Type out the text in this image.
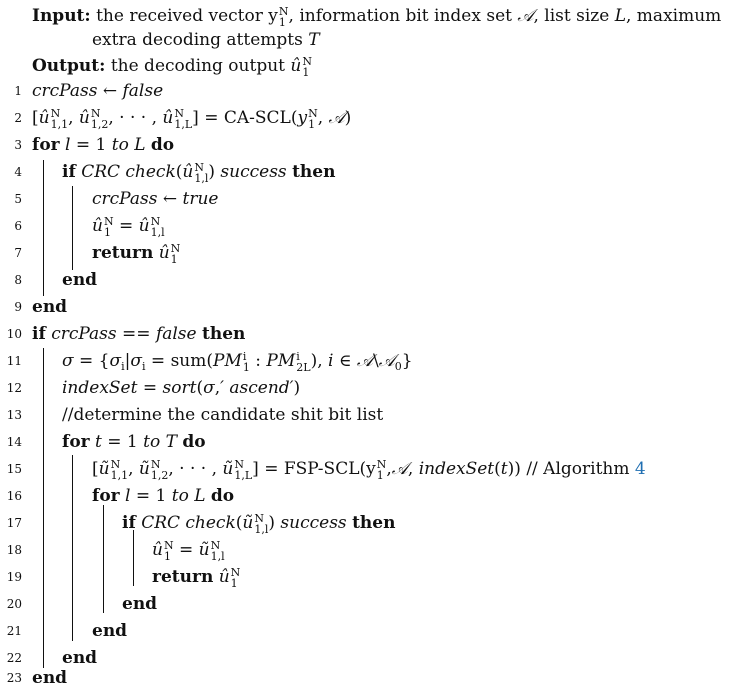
Input: the received vector y N
1 , information bit index set 𝒜, list size L, maximum
extra decoding attempts T
Output: the decoding output û N
1
1 crcPass ← false
2 [û N
1,1 , û N
1,2 , · · · , û N
1,L ] = CA-SCL(y N
1 , 𝒜)
3 for l = 1 to L do
4 if CRC check(û N
1,l ) success then
5	crcPass ← true
6	û N
1 = û N
1,l
7	return û N
1
8 end
9 end
10 if crcPass == false then
11 $\sigma = \{\sigma_i|\sigma_i = sum(PM$ i
1 : PM i
2L ), i ∈ 𝒜\𝒜$_0$}
12 indexSet = sort(σ,′ ascend′)
13 //determine the candidate shit bit list
14 for t = 1 to T do
15	[ũ N
1,1 , ũ N
1,2 , · · · , ũ N
1,L ] = FSP-SCL(y N
1 ,𝒜, indexSet(t)) // Algorithm 4
16	for l = 1 to L do
17	if CRC check(ũ N
1,l ) success then
18	û N
1 = ũ N
1,l
19	return û N
1
20	end
21	end
22 end
23 end
